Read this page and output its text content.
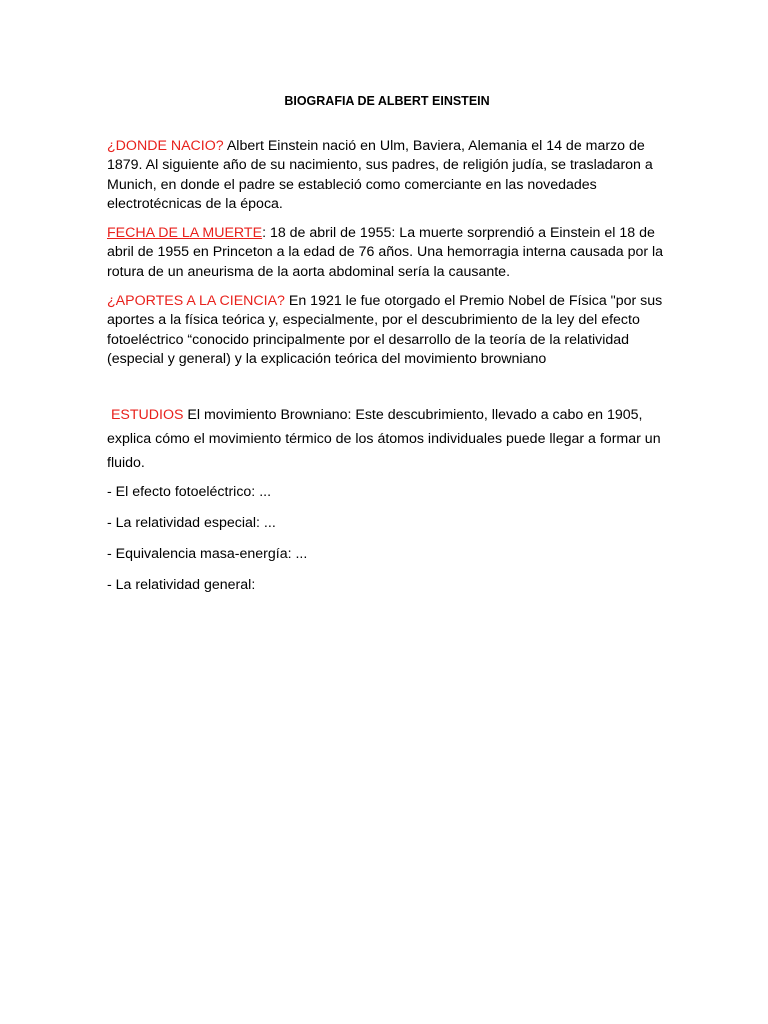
BIOGRAFIA DE ALBERT EINSTEIN

¿DONDE NACIO? Albert Einstein nació en Ulm, Baviera, Alemania el 14 de marzo de 1879. Al siguiente año de su nacimiento, sus padres, de religión judía, se trasladaron a Munich, en donde el padre se estableció como comerciante en las novedades electrotécnicas de la época.

FECHA DE LA MUERTE: 18 de abril de 1955: La muerte sorprendió a Einstein el 18 de abril de 1955 en Princeton a la edad de 76 años. Una hemorragia interna causada por la rotura de un aneurisma de la aorta abdominal sería la causante.

¿APORTES A LA CIENCIA? En 1921 le fue otorgado el Premio Nobel de Física "por sus aportes a la física teórica y, especialmente, por el descubrimiento de la ley del efecto fotoeléctrico “conocido principalmente por el desarrollo de la teoría de la relatividad (especial y general) y la explicación teórica del movimiento browniano

ESTUDIOS El movimiento Browniano: Este descubrimiento, llevado a cabo en 1905, explica cómo el movimiento térmico de los átomos individuales puede llegar a formar un fluido.

- El efecto fotoeléctrico: ...

- La relatividad especial: ...

- Equivalencia masa-energía: ...

- La relatividad general:
